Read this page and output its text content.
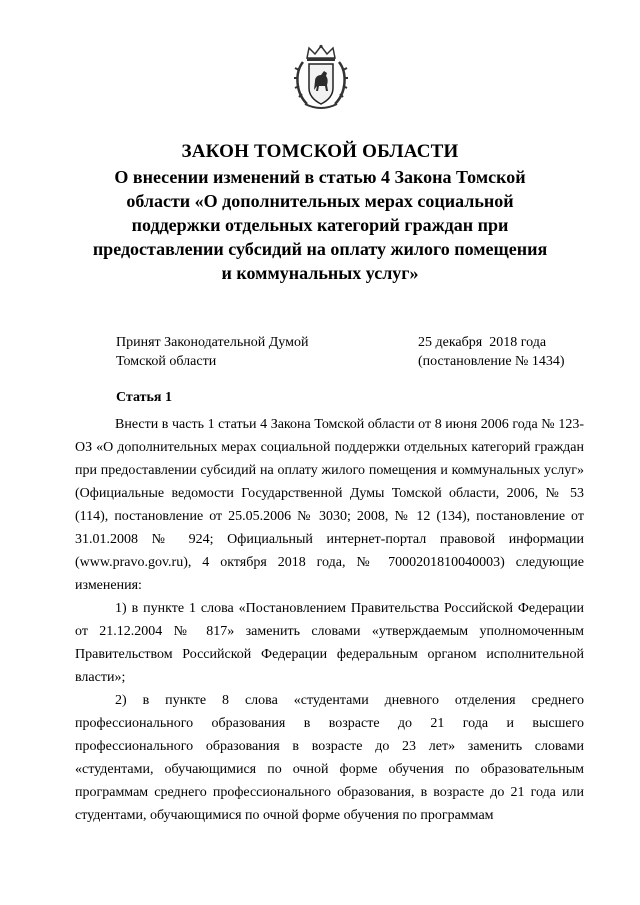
ЗАКОН ТОМСКОЙ ОБЛАСТИ
О внесении изменений в статью 4 Закона Томской
области «О дополнительных мерах социальной
поддержки отдельных категорий граждан при
предоставлении субсидий на оплату жилого помещения
и коммунальных услуг»
Принят Законодательной Думой
Томской области
25 декабря  2018 года
(постановление № 1434)
Статья 1

Внести в часть 1 статьи 4 Закона Томской области от 8 июня 2006 года № 123-ОЗ «О дополнительных мерах социальной поддержки отдельных категорий граждан при предоставлении субсидий на оплату жилого помещения и коммунальных услуг» (Официальные ведомости Государственной Думы Томской области, 2006, № 53 (114), постановление от 25.05.2006 № 3030; 2008, № 12 (134), постановление от 31.01.2008 № 924; Официальный интернет-портал правовой информации (www.pravo.gov.ru), 4 октября 2018 года, № 7000201810040003) следующие изменения:

1) в пункте 1 слова «Постановлением Правительства Российской Федерации от 21.12.2004 № 817» заменить словами «утверждаемым уполномоченным Правительством Российской Федерации федеральным органом исполнительной власти»;

2) в пункте 8 слова «студентами дневного отделения среднего профессионального образования в возрасте до 21 года и высшего профессионального образования в возрасте до 23 лет» заменить словами «студентами, обучающимися по очной форме обучения по образовательным программам среднего профессионального образования, в возрасте до 21 года или студентами, обучающимися по очной форме обучения по программам
